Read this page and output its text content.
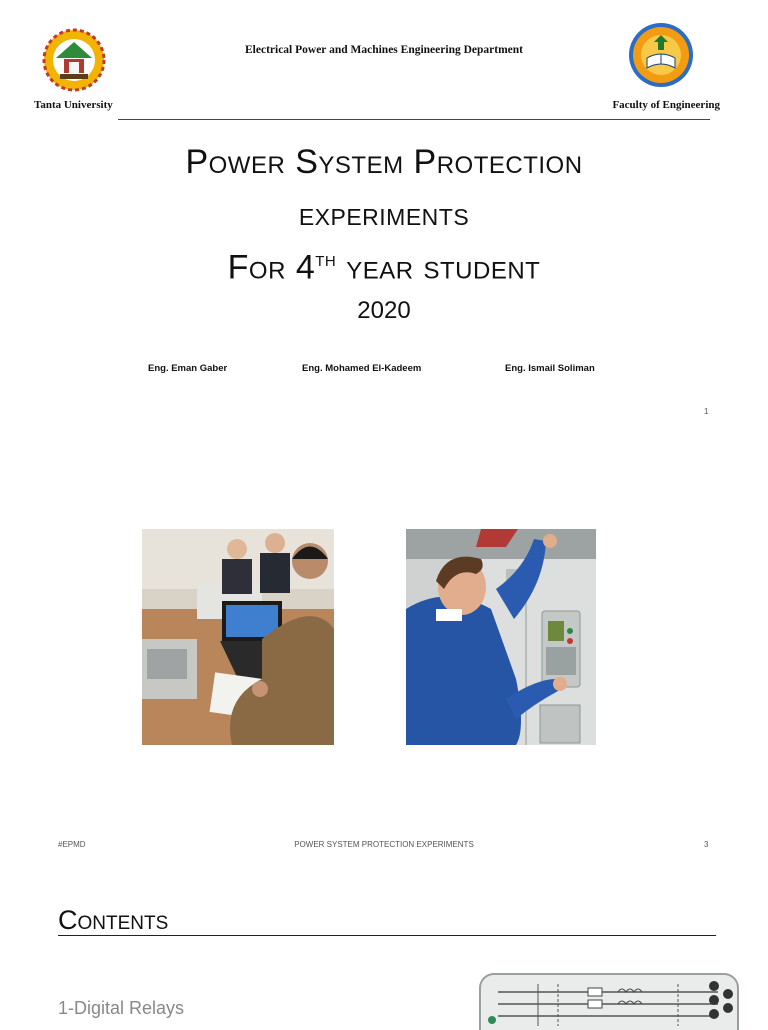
Electrical Power and Machines Engineering Department
Tanta University	Faculty of Engineering
Power System Protection
experiments
For 4th year student
2020
Eng. Eman Gaber	Eng. Mohamed El-Kadeem	Eng. Ismail Soliman
1
#EPMD	POWER SYSTEM PROTECTION EXPERIMENTS	3
Contents
1-Digital Relays
